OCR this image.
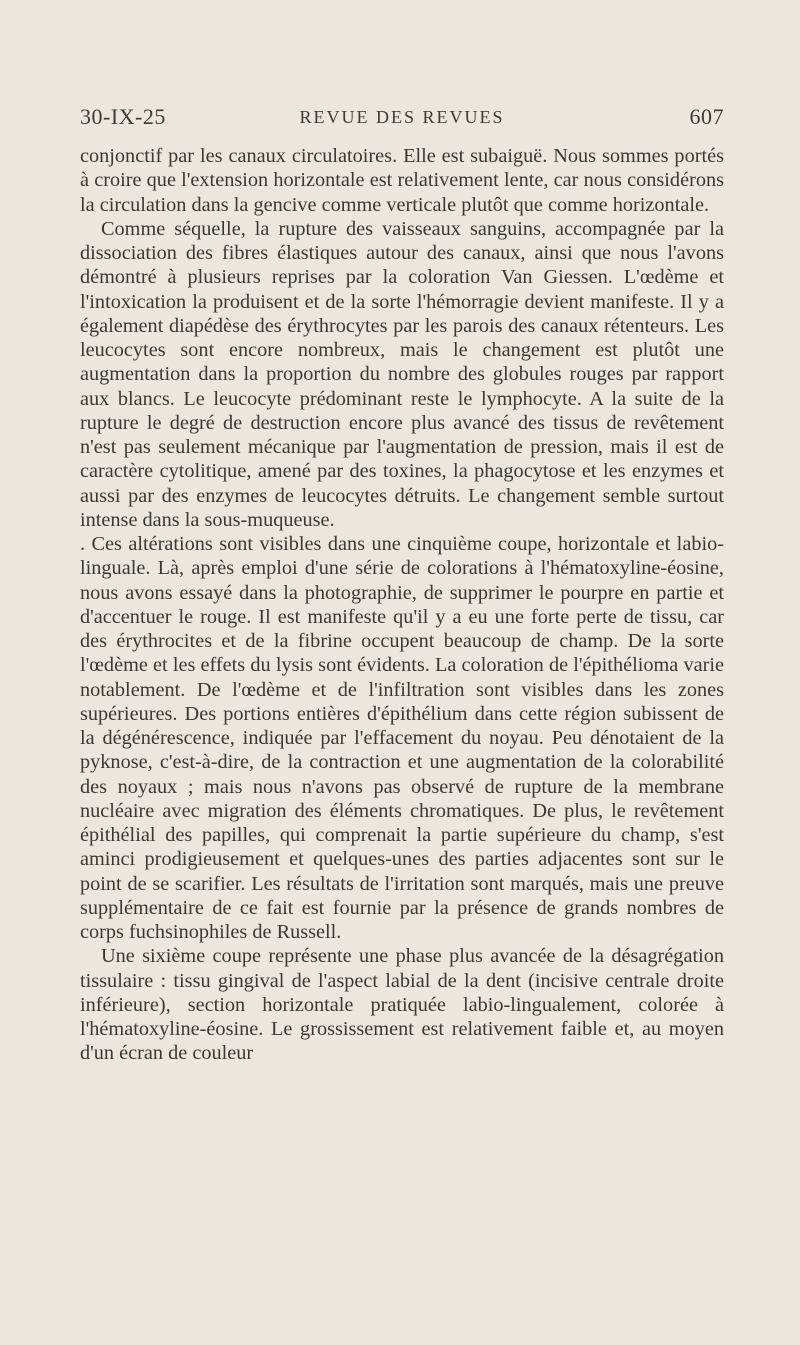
30-IX-25	REVUE DES REVUES	607

conjonctif par les canaux circulatoires. Elle est subaiguë. Nous sommes portés à croire que l'extension horizontale est relativement lente, car nous considérons la circulation dans la gencive comme verticale plutôt que comme horizontale.

Comme séquelle, la rupture des vaisseaux sanguins, accompagnée par la dissociation des fibres élastiques autour des canaux, ainsi que nous l'avons démontré à plusieurs reprises par la coloration Van Giessen. L'œdème et l'intoxication la produisent et de la sorte l'hémorragie devient manifeste. Il y a également diapédèse des érythrocytes par les parois des canaux rétenteurs. Les leucocytes sont encore nombreux, mais le changement est plutôt une augmentation dans la proportion du nombre des globules rouges par rapport aux blancs. Le leucocyte prédominant reste le lymphocyte. A la suite de la rupture le degré de destruction encore plus avancé des tissus de revêtement n'est pas seulement mécanique par l'augmentation de pression, mais il est de caractère cytolitique, amené par des toxines, la phagocytose et les enzymes et aussi par des enzymes de leucocytes détruits. Le changement semble surtout intense dans la sous-muqueuse.

. Ces altérations sont visibles dans une cinquième coupe, horizontale et labio-linguale. Là, après emploi d'une série de colorations à l'hématoxyline-éosine, nous avons essayé dans la photographie, de supprimer le pourpre en partie et d'accentuer le rouge. Il est manifeste qu'il y a eu une forte perte de tissu, car des érythrocites et de la fibrine occupent beaucoup de champ. De la sorte l'œdème et les effets du lysis sont évidents. La coloration de l'épithélioma varie notablement. De l'œdème et de l'infiltration sont visibles dans les zones supérieures. Des portions entières d'épithélium dans cette région subissent de la dégénérescence, indiquée par l'effacement du noyau. Peu dénotaient de la pyknose, c'est-à-dire, de la contraction et une augmentation de la colorabilité des noyaux ; mais nous n'avons pas observé de rupture de la membrane nucléaire avec migration des éléments chromatiques. De plus, le revêtement épithélial des papilles, qui comprenait la partie supérieure du champ, s'est aminci prodigieusement et quelques-unes des parties adjacentes sont sur le point de se scarifier. Les résultats de l'irritation sont marqués, mais une preuve supplémentaire de ce fait est fournie par la présence de grands nombres de corps fuchsinophiles de Russell.

Une sixième coupe représente une phase plus avancée de la désagrégation tissulaire : tissu gingival de l'aspect labial de la dent (incisive centrale droite inférieure), section horizontale pratiquée labio-lingualement, colorée à l'hématoxyline-éosine. Le grossissement est relativement faible et, au moyen d'un écran de couleur
